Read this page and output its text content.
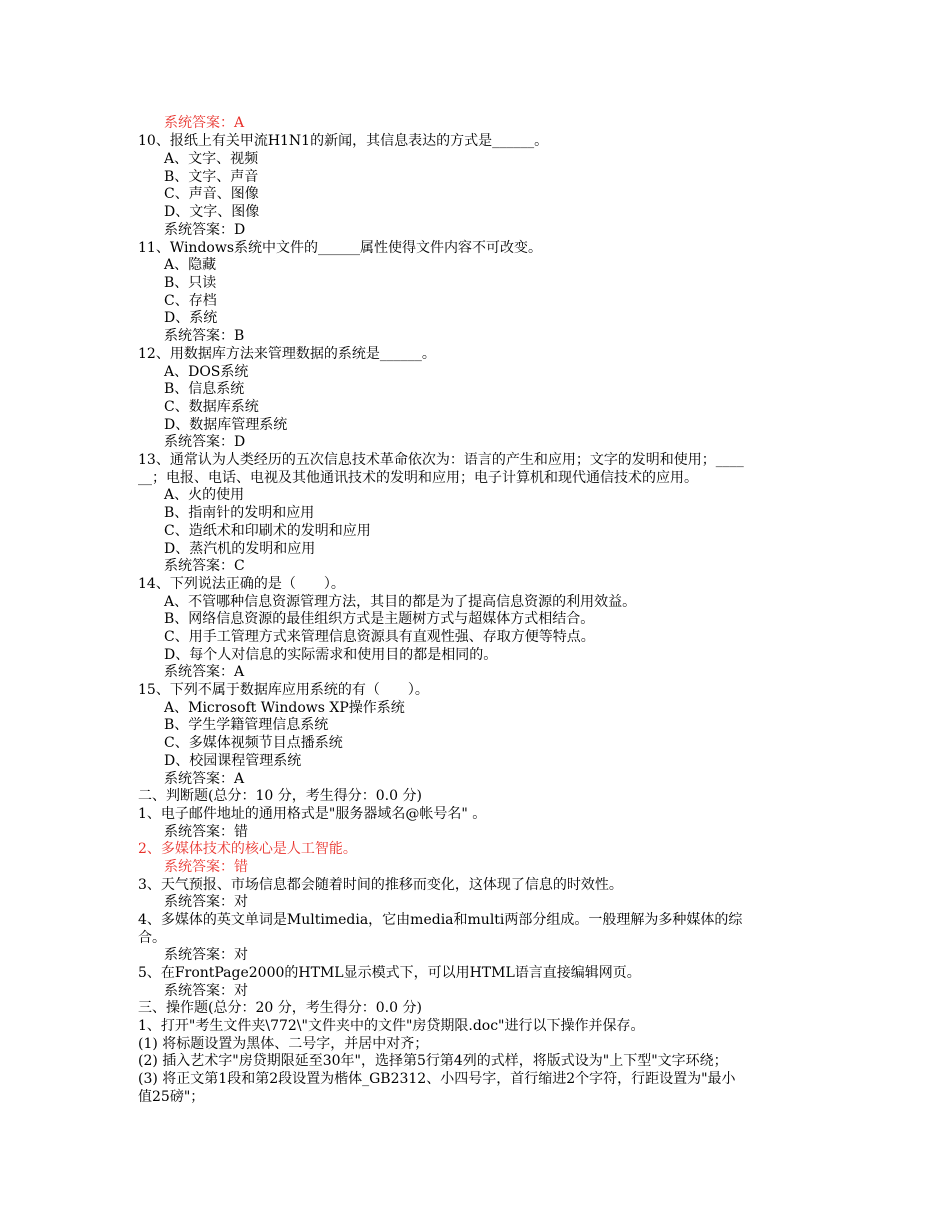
系统答案：A
10、报纸上有关甲流H1N1的新闻，其信息表达的方式是______。
A、文字、视频
B、文字、声音
C、声音、图像
D、文字、图像
系统答案：D
11、Windows系统中文件的______属性使得文件内容不可改变。
A、隐藏
B、只读
C、存档
D、系统
系统答案：B
12、用数据库方法来管理数据的系统是______。
A、DOS系统
B、信息系统
C、数据库系统
D、数据库管理系统
系统答案：D
13、通常认为人类经历的五次信息技术革命依次为：语言的产生和应用；文字的发明和使用；____
__；电报、电话、电视及其他通讯技术的发明和应用；电子计算机和现代通信技术的应用。
A、火的使用
B、指南针的发明和应用
C、造纸术和印刷术的发明和应用
D、蒸汽机的发明和应用
系统答案：C
14、下列说法正确的是（　　）。
A、不管哪种信息资源管理方法，其目的都是为了提高信息资源的利用效益。
B、网络信息资源的最佳组织方式是主题树方式与超媒体方式相结合。
C、用手工管理方式来管理信息资源具有直观性强、存取方便等特点。
D、每个人对信息的实际需求和使用目的都是相同的。
系统答案：A
15、下列不属于数据库应用系统的有（　　）。
A、Microsoft Windows XP操作系统
B、学生学籍管理信息系统
C、多媒体视频节目点播系统
D、校园课程管理系统
系统答案：A
二、判断题(总分：10 分，考生得分：0.0 分)
1、电子邮件地址的通用格式是"服务器域名@帐号名" 。
系统答案：错
2、多媒体技术的核心是人工智能。
系统答案：错
3、天气预报、市场信息都会随着时间的推移而变化，这体现了信息的时效性。
系统答案：对
4、多媒体的英文单词是Multimedia，它由media和multi两部分组成。一般理解为多种媒体的综
合。
系统答案：对
5、在FrontPage2000的HTML显示模式下，可以用HTML语言直接编辑网页。
系统答案：对
三、操作题(总分：20 分，考生得分：0.0 分)
1、打开"考生文件夹\772\"文件夹中的文件"房贷期限.doc"进行以下操作并保存。
(1) 将标题设置为黑体、二号字，并居中对齐；
(2) 插入艺术字"房贷期限延至30年"，选择第5行第4列的式样，将版式设为"上下型"文字环绕；
(3) 将正文第1段和第2段设置为楷体_GB2312、小四号字，首行缩进2个字符，行距设置为"最小
值25磅"；
